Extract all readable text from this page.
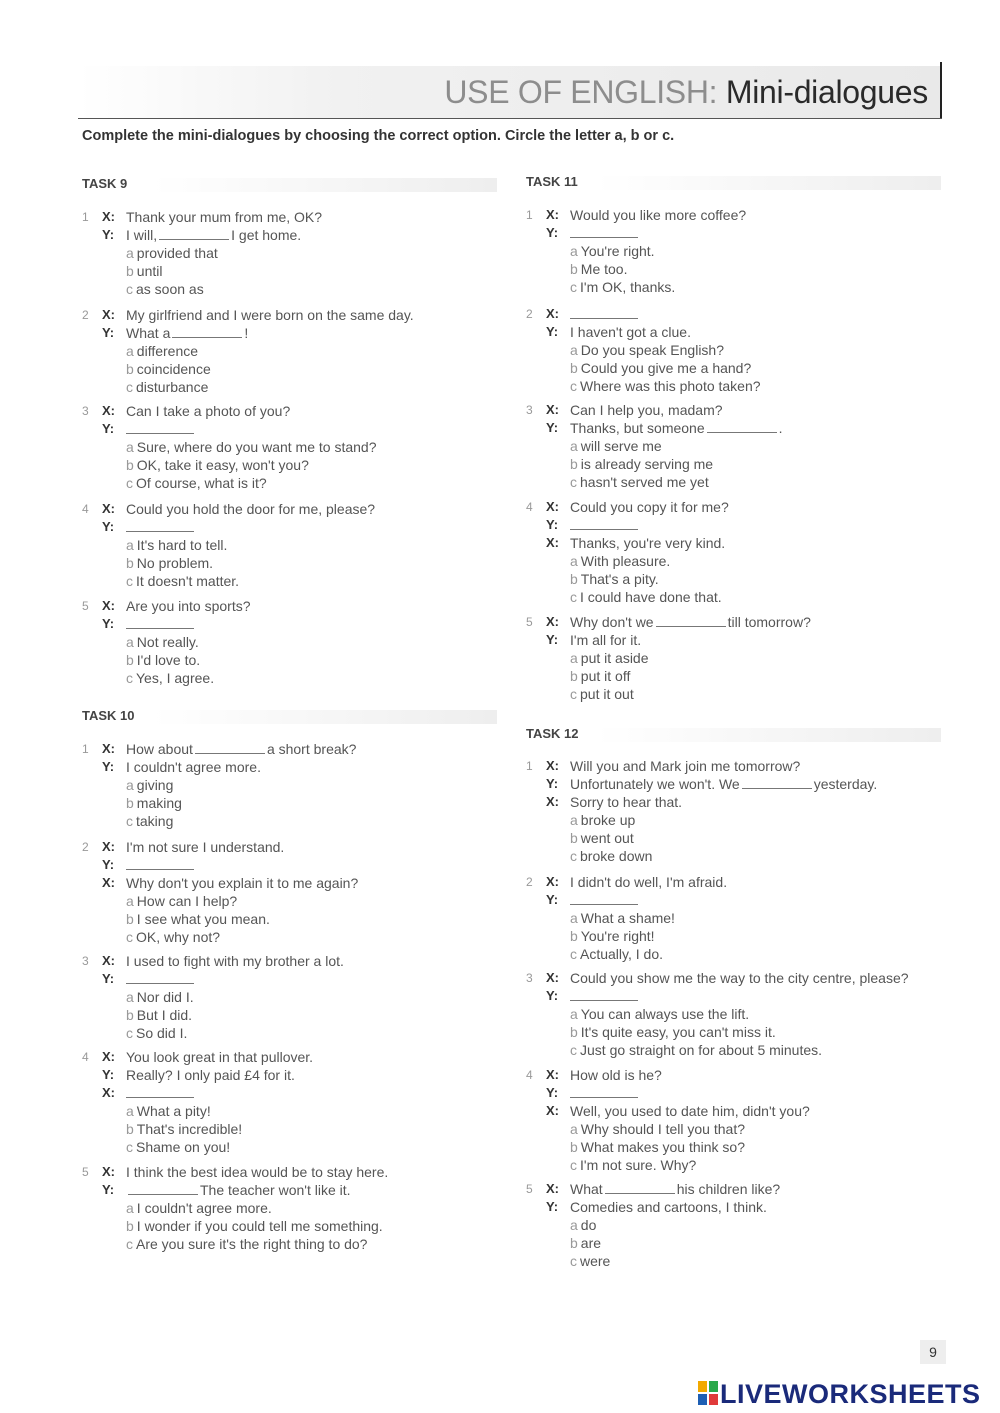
USE OF ENGLISH: Mini-dialogues
Complete the mini-dialogues by choosing the correct option. Circle the letter a, b or c.
TASK 9
1	X: Thank your mum from me, OK?
Y: I will,	I get home.
a provided that
b until
c as soon as
2	X: My girlfriend and I were born on the same day.
Y: What a	!
a difference
b coincidence
c disturbance
3	X: Can I take a photo of you?
Y:
a Sure, where do you want me to stand?
b OK, take it easy, won't you?
c Of course, what is it?
4	X: Could you hold the door for me, please?
Y:
a It's hard to tell.
b No problem.
c It doesn't matter.
5	X: Are you into sports?
Y:
a Not really.
b I'd love to.
c Yes, I agree.
TASK 10
1	X: How about	a short break?
Y: I couldn't agree more.
a giving
b making
c taking
2	X: I'm not sure I understand.
Y:
X: Why don't you explain it to me again?
a How can I help?
b I see what you mean.
c OK, why not?
3	X: I used to fight with my brother a lot.
Y:
a Nor did I.
b But I did.
c So did I.
4	X: You look great in that pullover.
Y: Really? I only paid £4 for it.
X:
a What a pity!
b That's incredible!
c Shame on you!
5	X: I think the best idea would be to stay here.
Y:	The teacher won't like it.
a I couldn't agree more.
b I wonder if you could tell me something.
c Are you sure it's the right thing to do?
TASK 11
1	X: Would you like more coffee?
Y:
a You're right.
b Me too.
c I'm OK, thanks.
2	X:
Y: I haven't got a clue.
a Do you speak English?
b Could you give me a hand?
c Where was this photo taken?
3	X: Can I help you, madam?
Y: Thanks, but someone	.
a will serve me
b is already serving me
c hasn't served me yet
4	X: Could you copy it for me?
Y:
X: Thanks, you're very kind.
a With pleasure.
b That's a pity.
c I could have done that.
5	X: Why don't we	till tomorrow?
Y: I'm all for it.
a put it aside
b put it off
c put it out
TASK 12
1	X: Will you and Mark join me tomorrow?
Y: Unfortunately we won't. We	yesterday.
X: Sorry to hear that.
a broke up
b went out
c broke down
2	X: I didn't do well, I'm afraid.
Y:
a What a shame!
b You're right!
c Actually, I do.
3	X: Could you show me the way to the city centre, please?
Y:
a You can always use the lift.
b It's quite easy, you can't miss it.
c Just go straight on for about 5 minutes.
4	X: How old is he?
Y:
X: Well, you used to date him, didn't you?
a Why should I tell you that?
b What makes you think so?
c I'm not sure. Why?
5	X: What	his children like?
Y: Comedies and cartoons, I think.
a do
b are
c were
9
LIVEWORKSHEETS
